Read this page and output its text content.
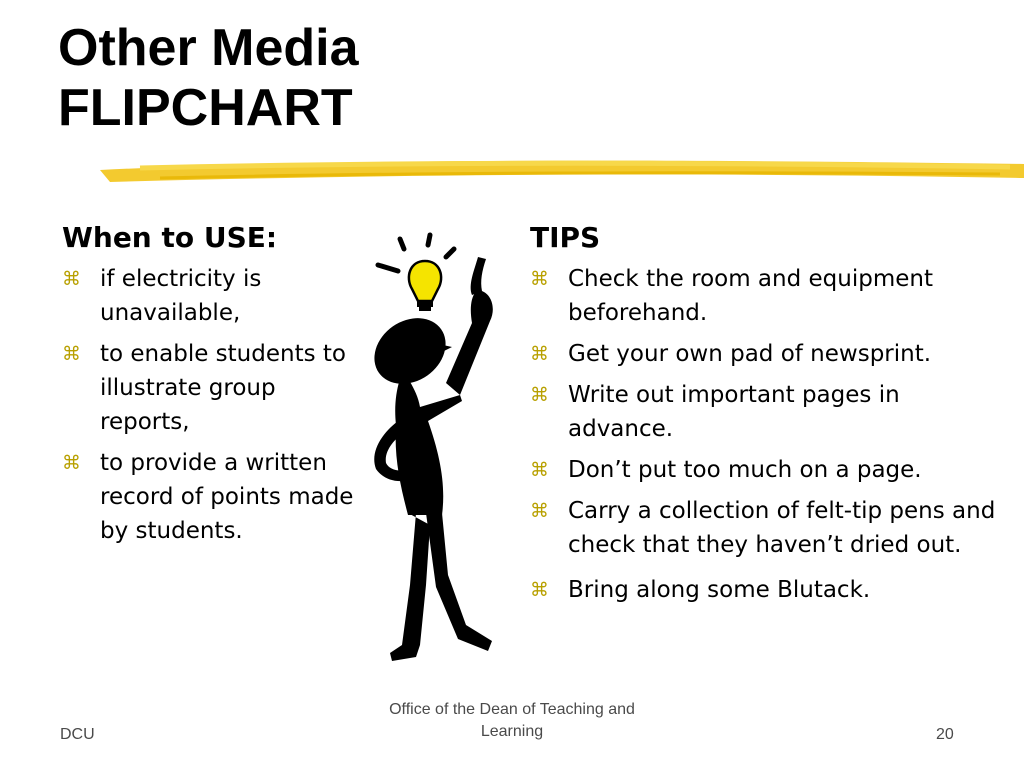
Other Media
FLIPCHART
When to USE:
⌘ if electricity is unavailable,
⌘ to enable students to illustrate group reports,
⌘ to provide a written record of points made by students.
TIPS
⌘ Check the room and equipment beforehand.
⌘ Get your own pad of newsprint.
⌘ Write out important pages in advance.
⌘ Don’t put too much on a page.
⌘ Carry a collection of felt-tip pens and check that they haven’t dried out.
⌘ Bring along some Blutack.
DCU
Office of the Dean of Teaching and Learning	20
